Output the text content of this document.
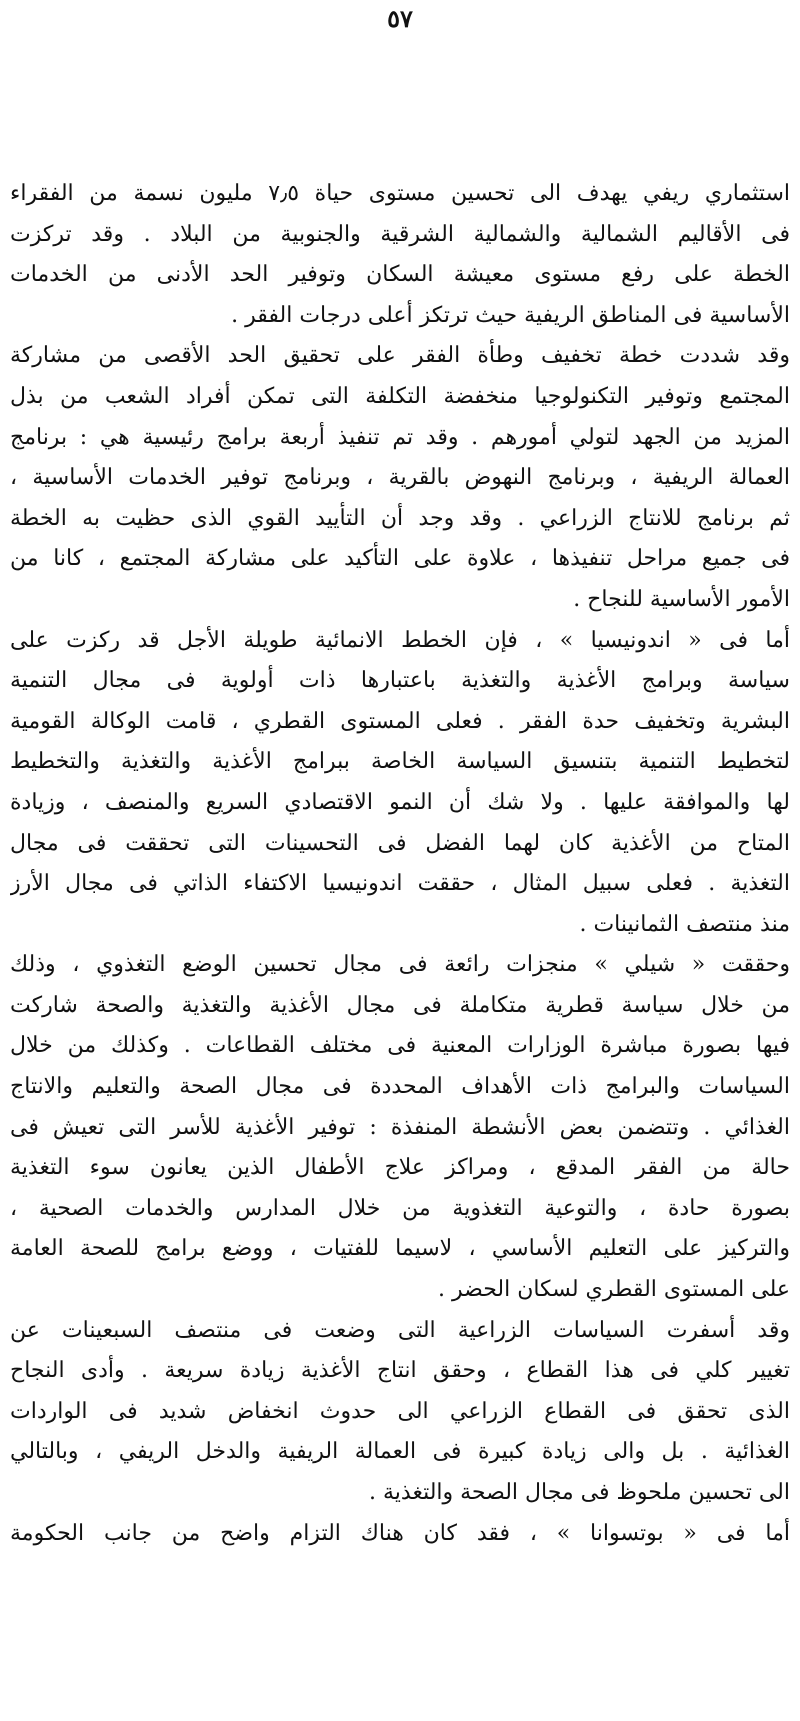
٥٧
استثماري ريفي يهدف الى تحسين مستوى حياة ٧٫٥ مليون نسمة من الفقراء
فى الأقاليم الشمالية والشمالية الشرقية والجنوبية من البلاد . وقد تركزت
الخطة على رفع مستوى معيشة السكان وتوفير الحد الأدنى من الخدمات
الأساسية فى المناطق الريفية حيث ترتكز أعلى درجات الفقر .
وقد شددت خطة تخفيف وطأة الفقر على تحقيق الحد الأقصى من مشاركة
المجتمع وتوفير التكنولوجيا منخفضة التكلفة التى تمكن أفراد الشعب من بذل
المزيد من الجهد لتولي أمورهم . وقد تم تنفيذ أربعة برامج رئيسية هي : برنامج
العمالة الريفية ، وبرنامج النهوض بالقرية ، وبرنامج توفير الخدمات الأساسية ،
ثم برنامج للانتاج الزراعي . وقد وجد أن التأييد القوي الذى حظيت به الخطة
فى جميع مراحل تنفيذها ، علاوة على التأكيد على مشاركة المجتمع ، كانا من
الأمور الأساسية للنجاح .
أما فى « اندونيسيا » ، فإن الخطط الانمائية طويلة الأجل قد ركزت على
سياسة وبرامج الأغذية والتغذية باعتبارها ذات أولوية فى مجال التنمية
البشرية وتخفيف حدة الفقر . فعلى المستوى القطري ، قامت الوكالة القومية
لتخطيط التنمية بتنسيق السياسة الخاصة ببرامج الأغذية والتغذية والتخطيط
لها والموافقة عليها . ولا شك أن النمو الاقتصادي السريع والمنصف ، وزيادة
المتاح من الأغذية كان لهما الفضل فى التحسينات التى تحققت فى مجال
التغذية . فعلى سبيل المثال ، حققت اندونيسيا الاكتفاء الذاتي فى مجال الأرز
منذ منتصف الثمانينات .
وحققت « شيلي » منجزات رائعة فى مجال تحسين الوضع التغذوي ، وذلك
من خلال سياسة قطرية متكاملة فى مجال الأغذية والتغذية والصحة شاركت
فيها بصورة مباشرة الوزارات المعنية فى مختلف القطاعات . وكذلك من خلال
السياسات والبرامج ذات الأهداف المحددة فى مجال الصحة والتعليم والانتاج
الغذائي . وتتضمن بعض الأنشطة المنفذة : توفير الأغذية للأسر التى تعيش فى
حالة من الفقر المدقع ، ومراكز علاج الأطفال الذين يعانون سوء التغذية
بصورة حادة ، والتوعية التغذوية من خلال المدارس والخدمات الصحية ،
والتركيز على التعليم الأساسي ، لاسيما للفتيات ، ووضع برامج للصحة العامة
على المستوى القطري لسكان الحضر .
وقد أسفرت السياسات الزراعية التى وضعت فى منتصف السبعينات عن
تغيير كلي فى هذا القطاع ، وحقق انتاج الأغذية زيادة سريعة . وأدى النجاح
الذى تحقق فى القطاع الزراعي الى حدوث انخفاض شديد فى الواردات
الغذائية . بل والى زيادة كبيرة فى العمالة الريفية والدخل الريفي ، وبالتالي
الى تحسين ملحوظ فى مجال الصحة والتغذية .
أما فى « بوتسوانا » ، فقد كان هناك التزام واضح من جانب الحكومة
